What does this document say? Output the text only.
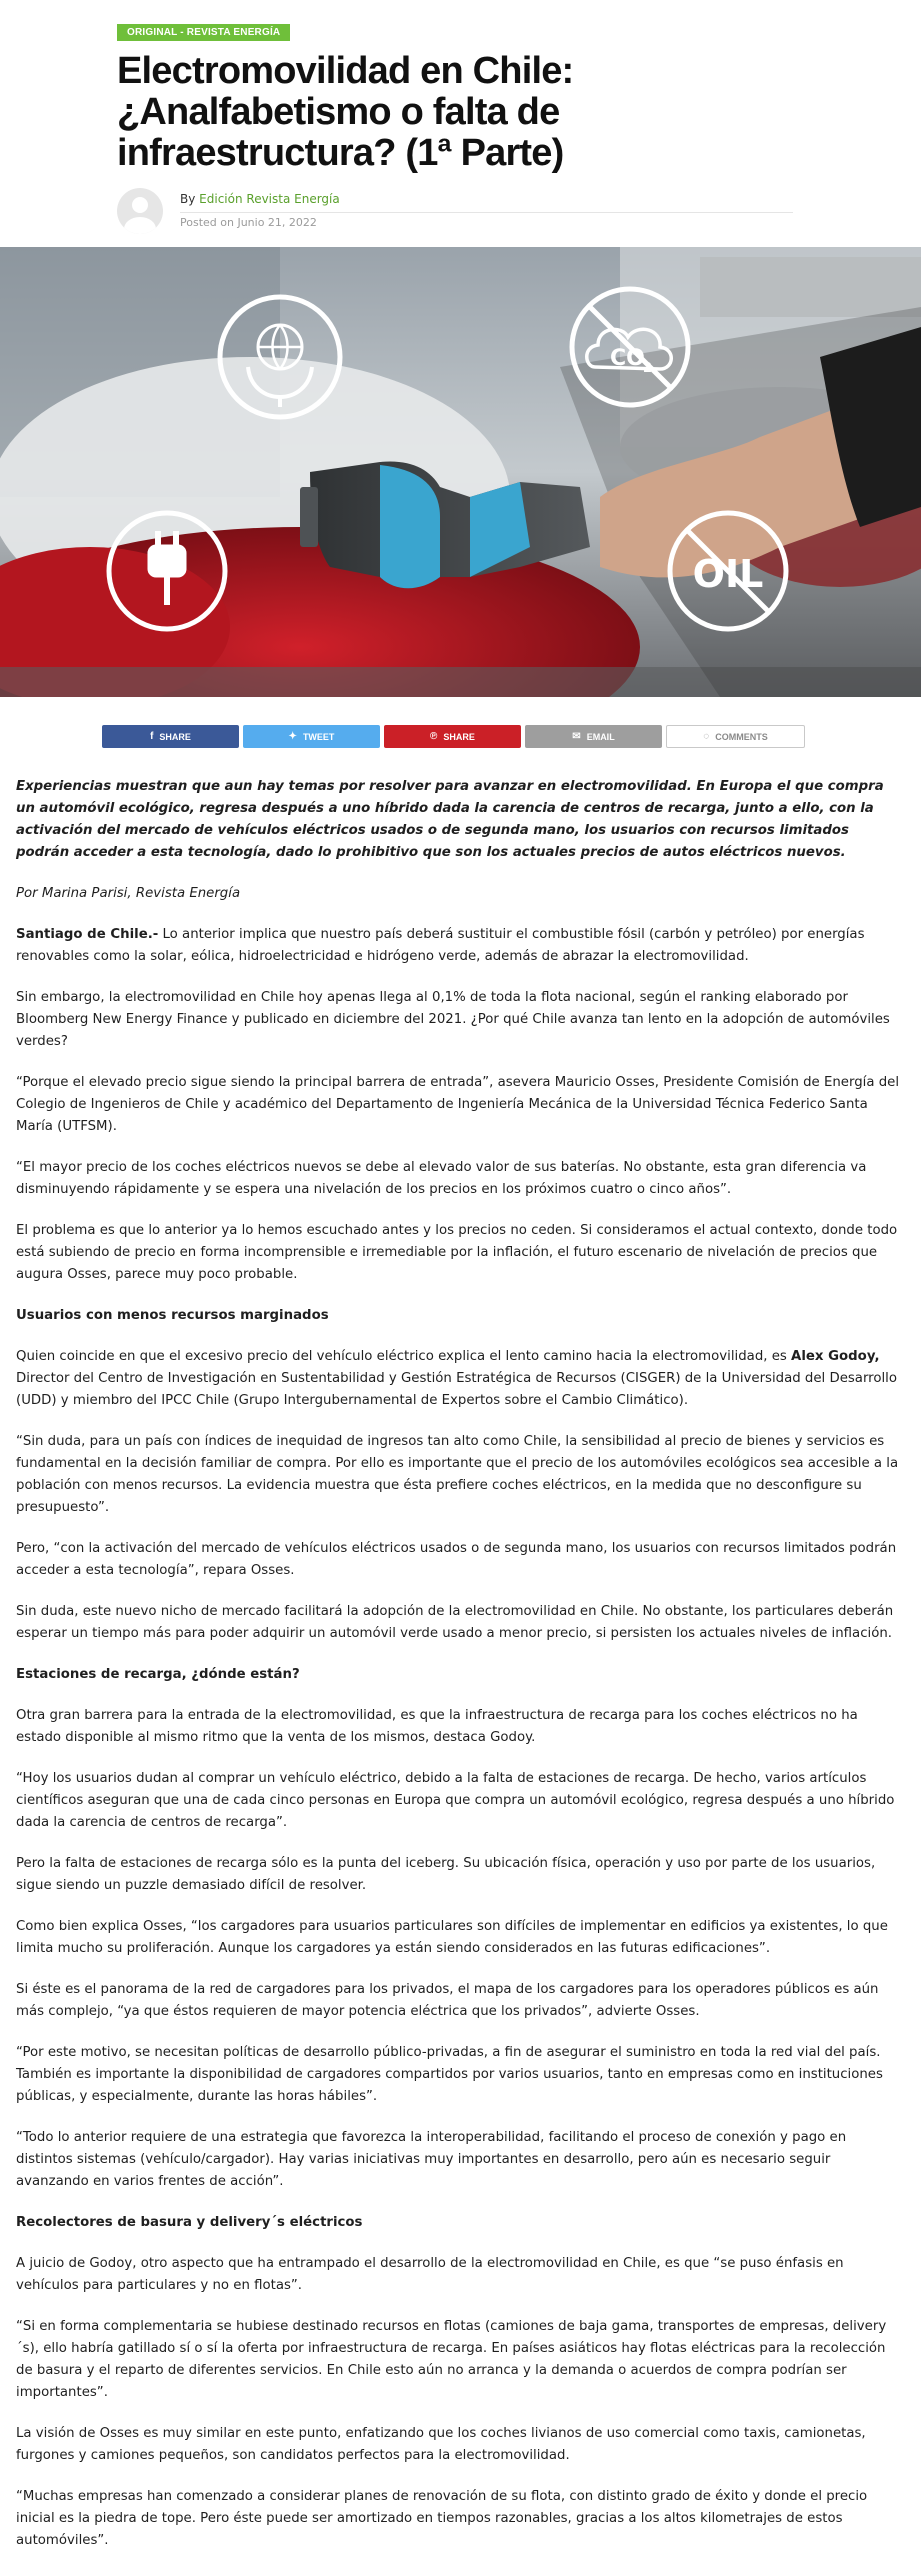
ORIGINAL - REVISTA ENERGÍA
Electromovilidad en Chile: ¿Analfabetismo o falta de infraestructura? (1ª Parte)
By Edición Revista Energía
Posted on Junio 21, 2022
CO
2
OIL
f SHARE	✦ TWEET	℗ SHARE	✉ EMAIL	◌ COMMENTS

Experiencias muestran que aun hay temas por resolver para avanzar en electromovilidad. En Europa el que compra un automóvil ecológico, regresa después a uno híbrido dada la carencia de centros de recarga, junto a ello, con la activación del mercado de vehículos eléctricos usados o de segunda mano, los usuarios con recursos limitados podrán acceder a esta tecnología, dado lo prohibitivo que son los actuales precios de autos eléctricos nuevos.

Por Marina Parisi, Revista Energía

Santiago de Chile.- Lo anterior implica que nuestro país deberá sustituir el combustible fósil (carbón y petróleo) por energías renovables como la solar, eólica, hidroelectricidad e hidrógeno verde, además de abrazar la electromovilidad.

Sin embargo, la electromovilidad en Chile hoy apenas llega al 0,1% de toda la flota nacional, según el ranking elaborado por Bloomberg New Energy Finance y publicado en diciembre del 2021. ¿Por qué Chile avanza tan lento en la adopción de automóviles verdes?

“Porque el elevado precio sigue siendo la principal barrera de entrada”, asevera Mauricio Osses, Presidente Comisión de Energía del Colegio de Ingenieros de Chile y académico del Departamento de Ingeniería Mecánica de la Universidad Técnica Federico Santa María (UTFSM).

“El mayor precio de los coches eléctricos nuevos se debe al elevado valor de sus baterías. No obstante, esta gran diferencia va disminuyendo rápidamente y se espera una nivelación de los precios en los próximos cuatro o cinco años”.

El problema es que lo anterior ya lo hemos escuchado antes y los precios no ceden. Si consideramos el actual contexto, donde todo está subiendo de precio en forma incomprensible e irremediable por la inflación, el futuro escenario de nivelación de precios que augura Osses, parece muy poco probable.

Usuarios con menos recursos marginados

Quien coincide en que el excesivo precio del vehículo eléctrico explica el lento camino hacia la electromovilidad, es Alex Godoy, Director del Centro de Investigación en Sustentabilidad y Gestión Estratégica de Recursos (CISGER) de la Universidad del Desarrollo (UDD) y miembro del IPCC Chile (Grupo Intergubernamental de Expertos sobre el Cambio Climático).

“Sin duda, para un país con índices de inequidad de ingresos tan alto como Chile, la sensibilidad al precio de bienes y servicios es fundamental en la decisión familiar de compra. Por ello es importante que el precio de los automóviles ecológicos sea accesible a la población con menos recursos. La evidencia muestra que ésta prefiere coches eléctricos, en la medida que no desconfigure su presupuesto”.

Pero, “con la activación del mercado de vehículos eléctricos usados o de segunda mano, los usuarios con recursos limitados podrán acceder a esta tecnología”, repara Osses.

Sin duda, este nuevo nicho de mercado facilitará la adopción de la electromovilidad en Chile. No obstante, los particulares deberán esperar un tiempo más para poder adquirir un automóvil verde usado a menor precio, si persisten los actuales niveles de inflación.

Estaciones de recarga, ¿dónde están?

Otra gran barrera para la entrada de la electromovilidad, es que la infraestructura de recarga para los coches eléctricos no ha estado disponible al mismo ritmo que la venta de los mismos, destaca Godoy.

“Hoy los usuarios dudan al comprar un vehículo eléctrico, debido a la falta de estaciones de recarga. De hecho, varios artículos científicos aseguran que una de cada cinco personas en Europa que compra un automóvil ecológico, regresa después a uno híbrido dada la carencia de centros de recarga”.

Pero la falta de estaciones de recarga sólo es la punta del iceberg. Su ubicación física, operación y uso por parte de los usuarios, sigue siendo un puzzle demasiado difícil de resolver.

Como bien explica Osses, “los cargadores para usuarios particulares son difíciles de implementar en edificios ya existentes, lo que limita mucho su proliferación. Aunque los cargadores ya están siendo considerados en las futuras edificaciones”.

Si éste es el panorama de la red de cargadores para los privados, el mapa de los cargadores para los operadores públicos es aún más complejo, “ya que éstos requieren de mayor potencia eléctrica que los privados”, advierte Osses.

“Por este motivo, se necesitan políticas de desarrollo público-privadas, a fin de asegurar el suministro en toda la red vial del país. También es importante la disponibilidad de cargadores compartidos por varios usuarios, tanto en empresas como en instituciones públicas, y especialmente, durante las horas hábiles”.

“Todo lo anterior requiere de una estrategia que favorezca la interoperabilidad, facilitando el proceso de conexión y pago en distintos sistemas (vehículo/cargador). Hay varias iniciativas muy importantes en desarrollo, pero aún es necesario seguir avanzando en varios frentes de acción”.

Recolectores de basura y delivery´s eléctricos

A juicio de Godoy, otro aspecto que ha entrampado el desarrollo de la electromovilidad en Chile, es que “se puso énfasis en vehículos para particulares y no en flotas”.

“Si en forma complementaria se hubiese destinado recursos en flotas (camiones de baja gama, transportes de empresas, delivery´s), ello habría gatillado sí o sí la oferta por infraestructura de recarga. En países asiáticos hay flotas eléctricas para la recolección de basura y el reparto de diferentes servicios. En Chile esto aún no arranca y la demanda o acuerdos de compra podrían ser importantes”.

La visión de Osses es muy similar en este punto, enfatizando que los coches livianos de uso comercial como taxis, camionetas, furgones y camiones pequeños, son candidatos perfectos para la electromovilidad.

“Muchas empresas han comenzado a considerar planes de renovación de su flota, con distinto grado de éxito y donde el precio inicial es la piedra de tope. Pero éste puede ser amortizado en tiempos razonables, gracias a los altos kilometrajes de estos automóviles”.
